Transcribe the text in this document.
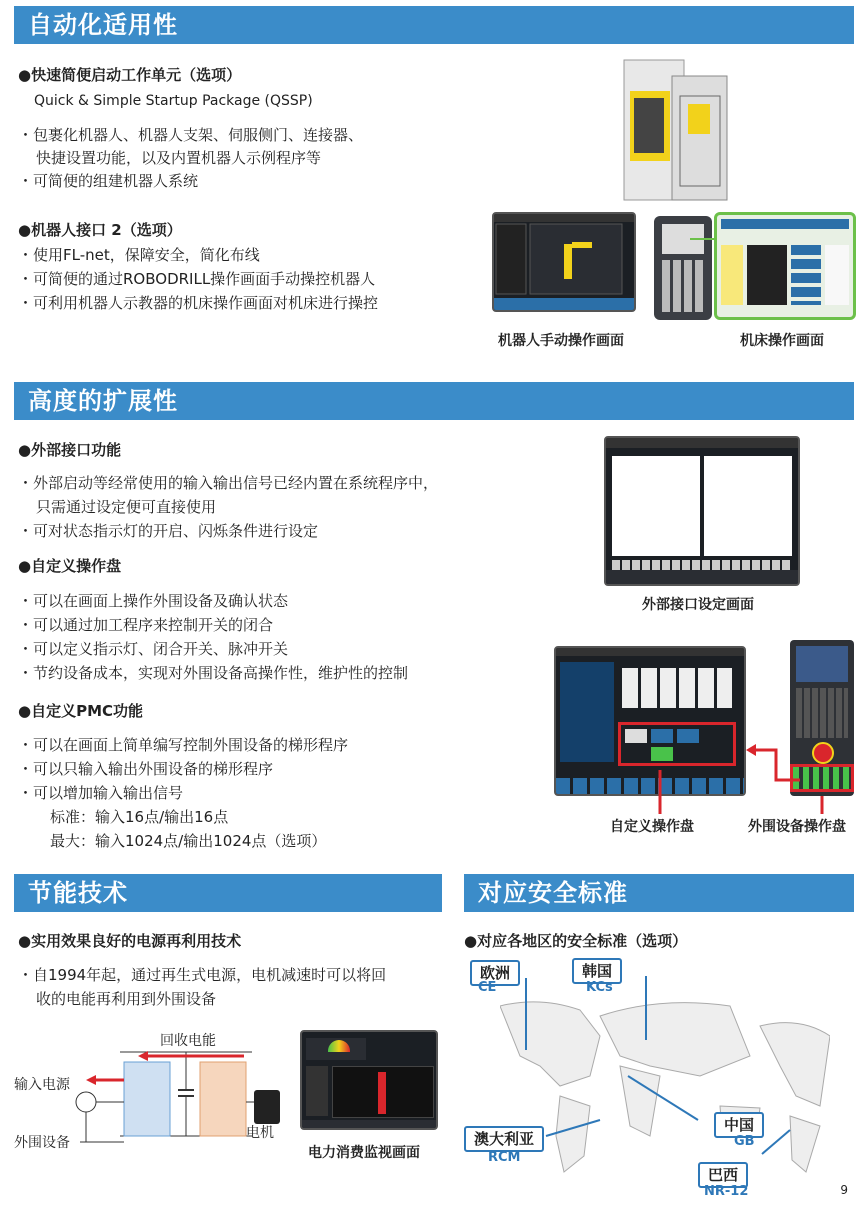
自动化适用性
●快速简便启动工作单元（选项）
Quick & Simple Startup Package (QSSP)
・包裹化机器人、机器人支架、伺服侧门、连接器、
快捷设置功能，以及内置机器人示例程序等
・可简便的组建机器人系统
●机器人接口 2（选项）
・使用FL-net，保障安全，简化布线
・可简便的通过ROBODRILL操作画面手动操控机器人
・可利用机器人示教器的机床操作画面对机床进行操控
机器人手动操作画面	机床操作画面
高度的扩展性
●外部接口功能
・外部启动等经常使用的输入输出信号已经内置在系统程序中，
只需通过设定便可直接使用
・可对状态指示灯的开启、闪烁条件进行设定
外部接口设定画面
●自定义操作盘
・可以在画面上操作外围设备及确认状态
・可以通过加工程序来控制开关的闭合
・可以定义指示灯、闭合开关、脉冲开关
・节约设备成本，实现对外围设备高操作性，维护性的控制
●自定义PMC功能
・可以在画面上简单编写控制外围设备的梯形程序
・可以只输入输出外围设备的梯形程序
・可以增加输入输出信号
标准：输入16点/输出16点
最大：输入1024点/输出1024点（选项）
自定义操作盘	外围设备操作盘
节能技术
●实用效果良好的电源再利用技术
・自1994年起，通过再生式电源，电机减速时可以将回
收的电能再利用到外围设备
回收电能
输入电源
外围设备
电机
电力消费监视画面
对应安全标准
●对应各地区的安全标准（选项）
欧洲
CE
韩国
KCs
中国
GB
澳大利亚
RCM
巴西
NR-12	9
